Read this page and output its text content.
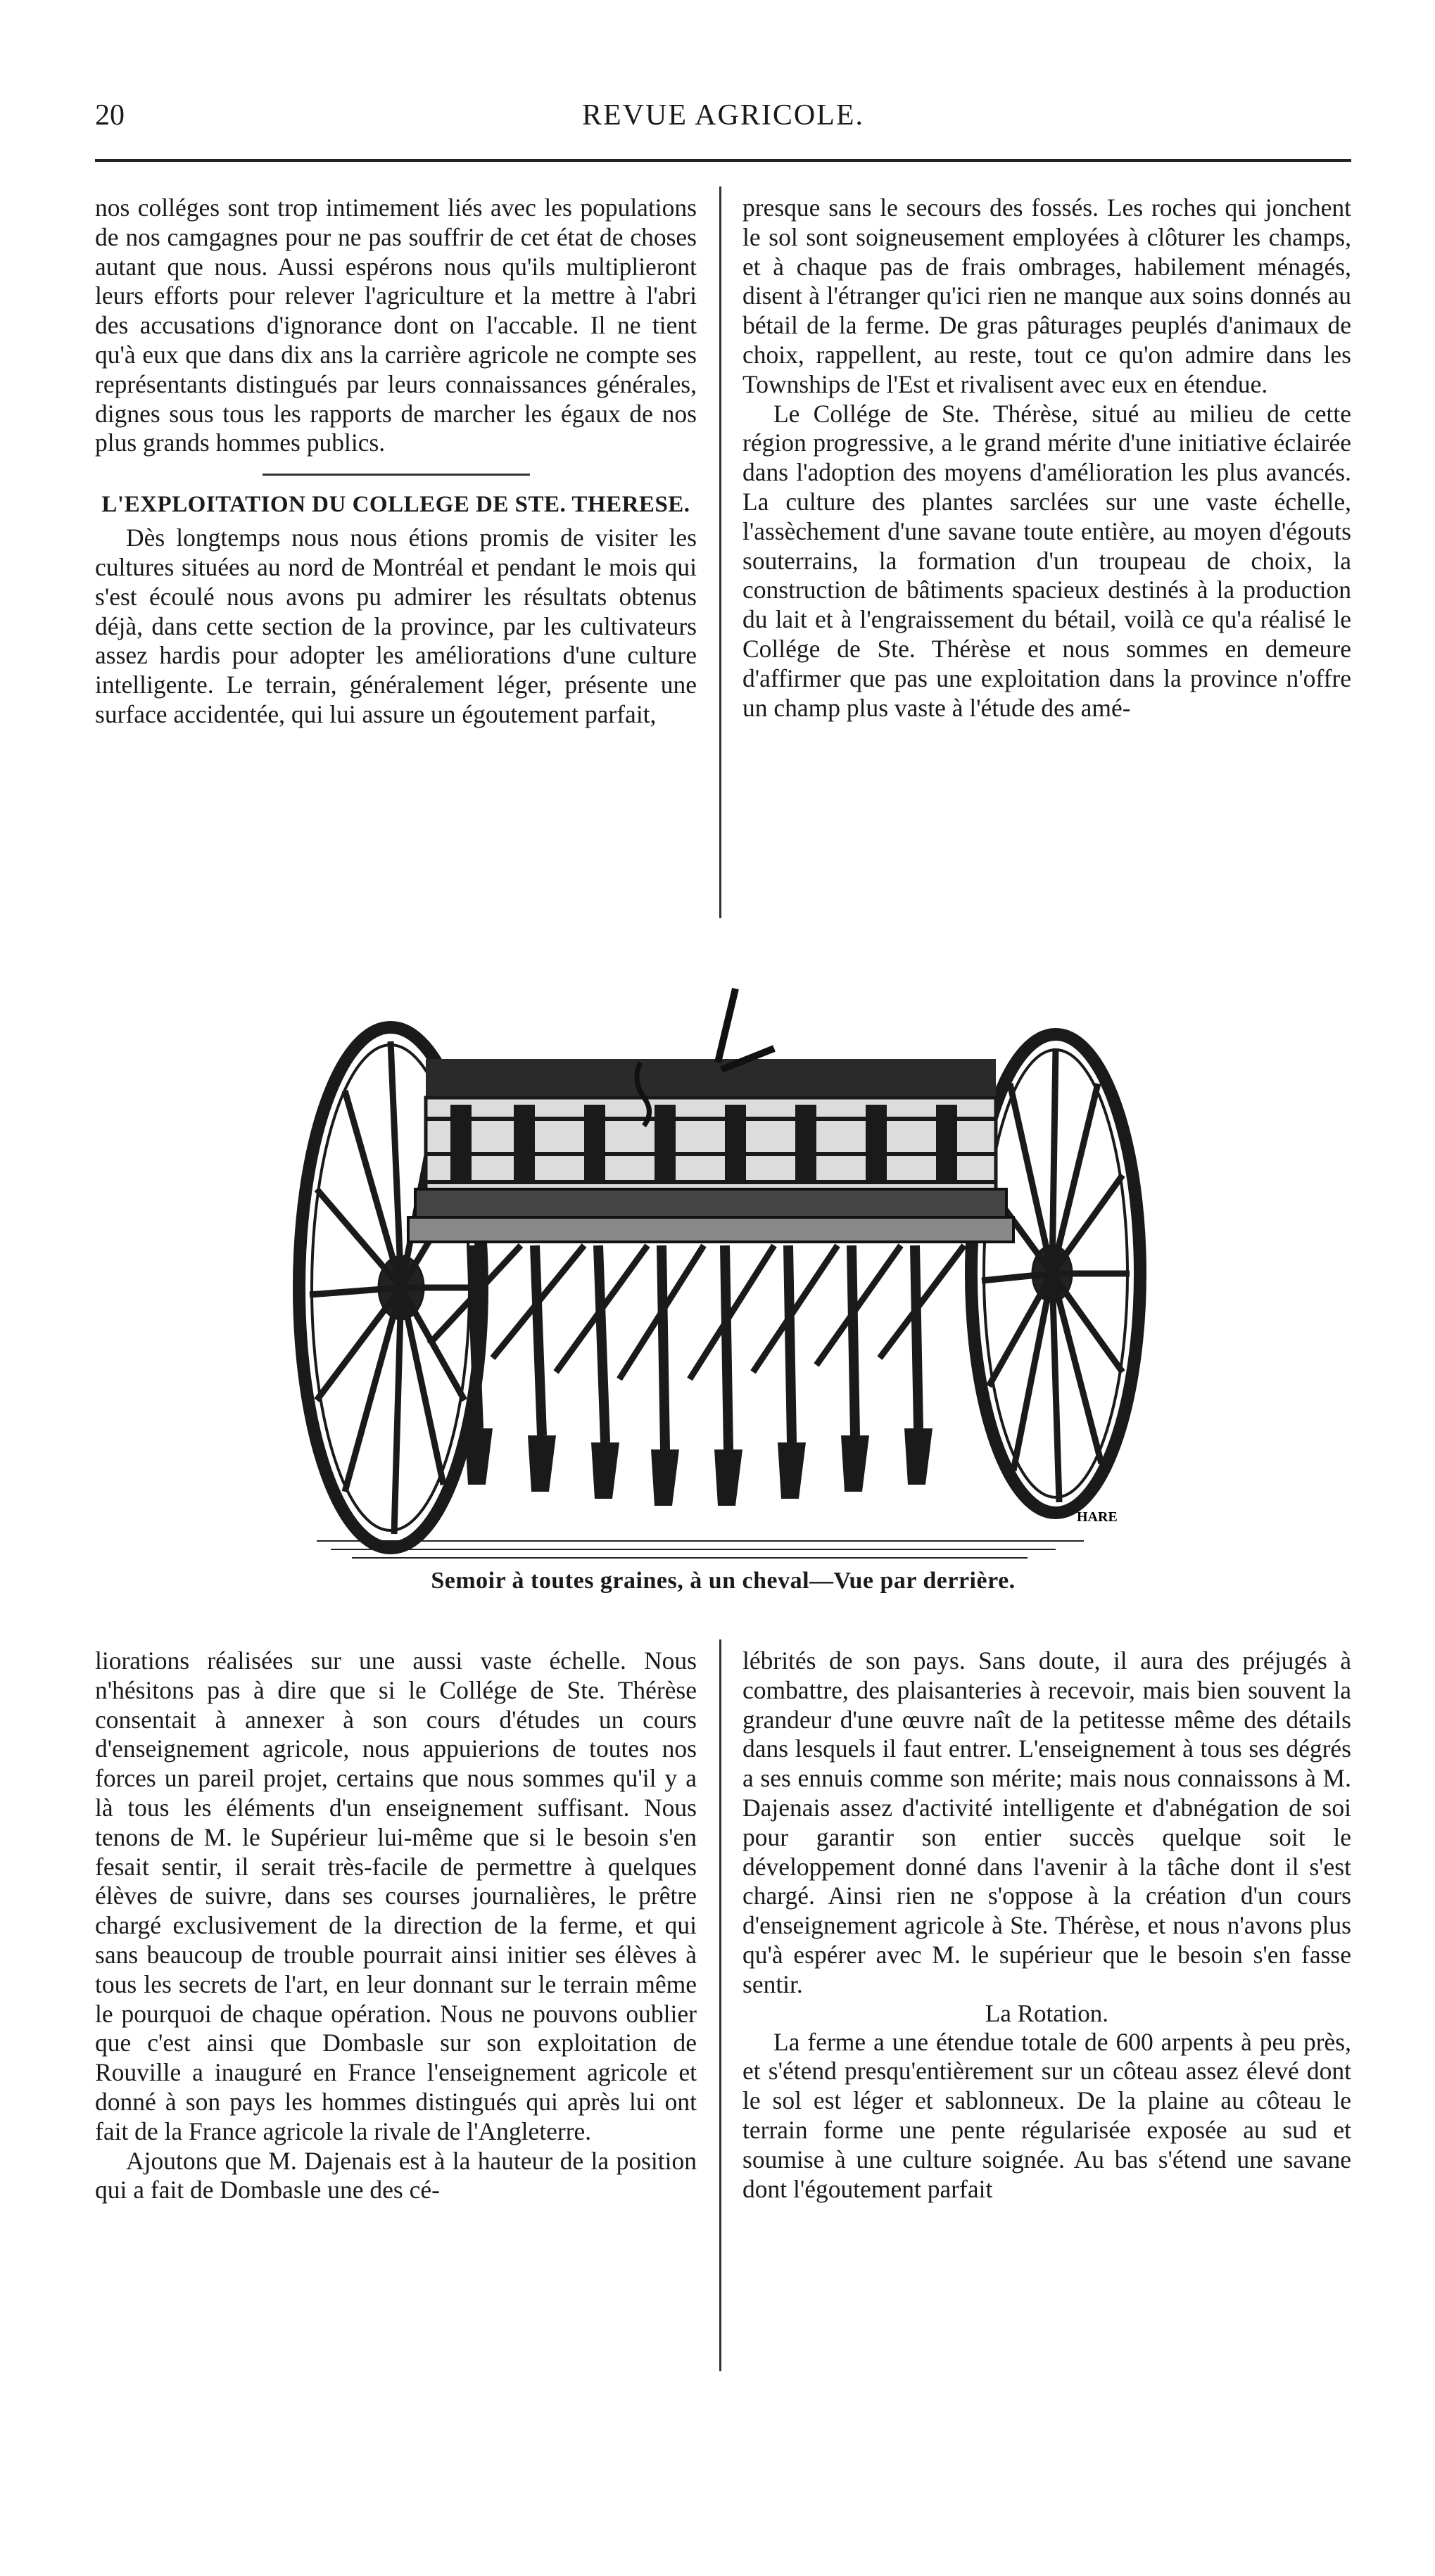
20	REVUE AGRICOLE.

nos colléges sont trop intimement liés avec les populations de nos camgagnes pour ne pas souffrir de cet état de choses autant que nous. Aussi espérons nous qu'ils multiplieront leurs efforts pour relever l'agriculture et la mettre à l'abri des accusations d'ignorance dont on l'accable. Il ne tient qu'à eux que dans dix ans la carrière agricole ne compte ses représentants distingués par leurs connaissances générales, dignes sous tous les rapports de marcher les égaux de nos plus grands hommes publics.

L'EXPLOITATION DU COLLEGE DE STE. THERESE.

Dès longtemps nous nous étions promis de visiter les cultures situées au nord de Montréal et pendant le mois qui s'est écoulé nous avons pu admirer les résultats obtenus déjà, dans cette section de la province, par les cultivateurs assez hardis pour adopter les améliorations d'une culture intelligente. Le terrain, généralement léger, présente une surface accidentée, qui lui assure un égoutement parfait,

presque sans le secours des fossés. Les roches qui jonchent le sol sont soigneusement employées à clôturer les champs, et à chaque pas de frais ombrages, habilement ménagés, disent à l'étranger qu'ici rien ne manque aux soins donnés au bétail de la ferme. De gras pâturages peuplés d'animaux de choix, rappellent, au reste, tout ce qu'on admire dans les Townships de l'Est et rivalisent avec eux en étendue.

Le Collége de Ste. Thérèse, situé au milieu de cette région progressive, a le grand mérite d'une initiative éclairée dans l'adoption des moyens d'amélioration les plus avancés. La culture des plantes sarclées sur une vaste échelle, l'assèchement d'une savane toute entière, au moyen d'égouts souterrains, la formation d'un troupeau de choix, la construction de bâtiments spacieux destinés à la production du lait et à l'engraissement du bétail, voilà ce qu'a réalisé le Collége de Ste. Thérèse et nous sommes en demeure d'affirmer que pas une exploitation dans la province n'offre un champ plus vaste à l'étude des amé-

HARE
Semoir à toutes graines, à un cheval—Vue par derrière.

liorations réalisées sur une aussi vaste échelle. Nous n'hésitons pas à dire que si le Collége de Ste. Thérèse consentait à annexer à son cours d'études un cours d'enseignement agricole, nous appuierions de toutes nos forces un pareil projet, certains que nous sommes qu'il y a là tous les éléments d'un enseignement suffisant. Nous tenons de M. le Supérieur lui-même que si le besoin s'en fesait sentir, il serait très-facile de permettre à quelques élèves de suivre, dans ses courses journalières, le prêtre chargé exclusivement de la direction de la ferme, et qui sans beaucoup de trouble pourrait ainsi initier ses élèves à tous les secrets de l'art, en leur donnant sur le terrain même le pourquoi de chaque opération. Nous ne pouvons oublier que c'est ainsi que Dombasle sur son exploitation de Rouville a inauguré en France l'enseignement agricole et donné à son pays les hommes distingués qui après lui ont fait de la France agricole la rivale de l'Angleterre.

Ajoutons que M. Dajenais est à la hauteur de la position qui a fait de Dombasle une des cé-

lébrités de son pays. Sans doute, il aura des préjugés à combattre, des plaisanteries à recevoir, mais bien souvent la grandeur d'une œuvre naît de la petitesse même des détails dans lesquels il faut entrer. L'enseignement à tous ses dégrés a ses ennuis comme son mérite; mais nous connaissons à M. Dajenais assez d'activité intelligente et d'abnégation de soi pour garantir son entier succès quelque soit le développement donné dans l'avenir à la tâche dont il s'est chargé. Ainsi rien ne s'oppose à la création d'un cours d'enseignement agricole à Ste. Thérèse, et nous n'avons plus qu'à espérer avec M. le supérieur que le besoin s'en fasse sentir.

La Rotation.

La ferme a une étendue totale de 600 arpents à peu près, et s'étend presqu'entièrement sur un côteau assez élevé dont le sol est léger et sablonneux. De la plaine au côteau le terrain forme une pente régularisée exposée au sud et soumise à une culture soignée. Au bas s'étend une savane dont l'égoutement parfait
